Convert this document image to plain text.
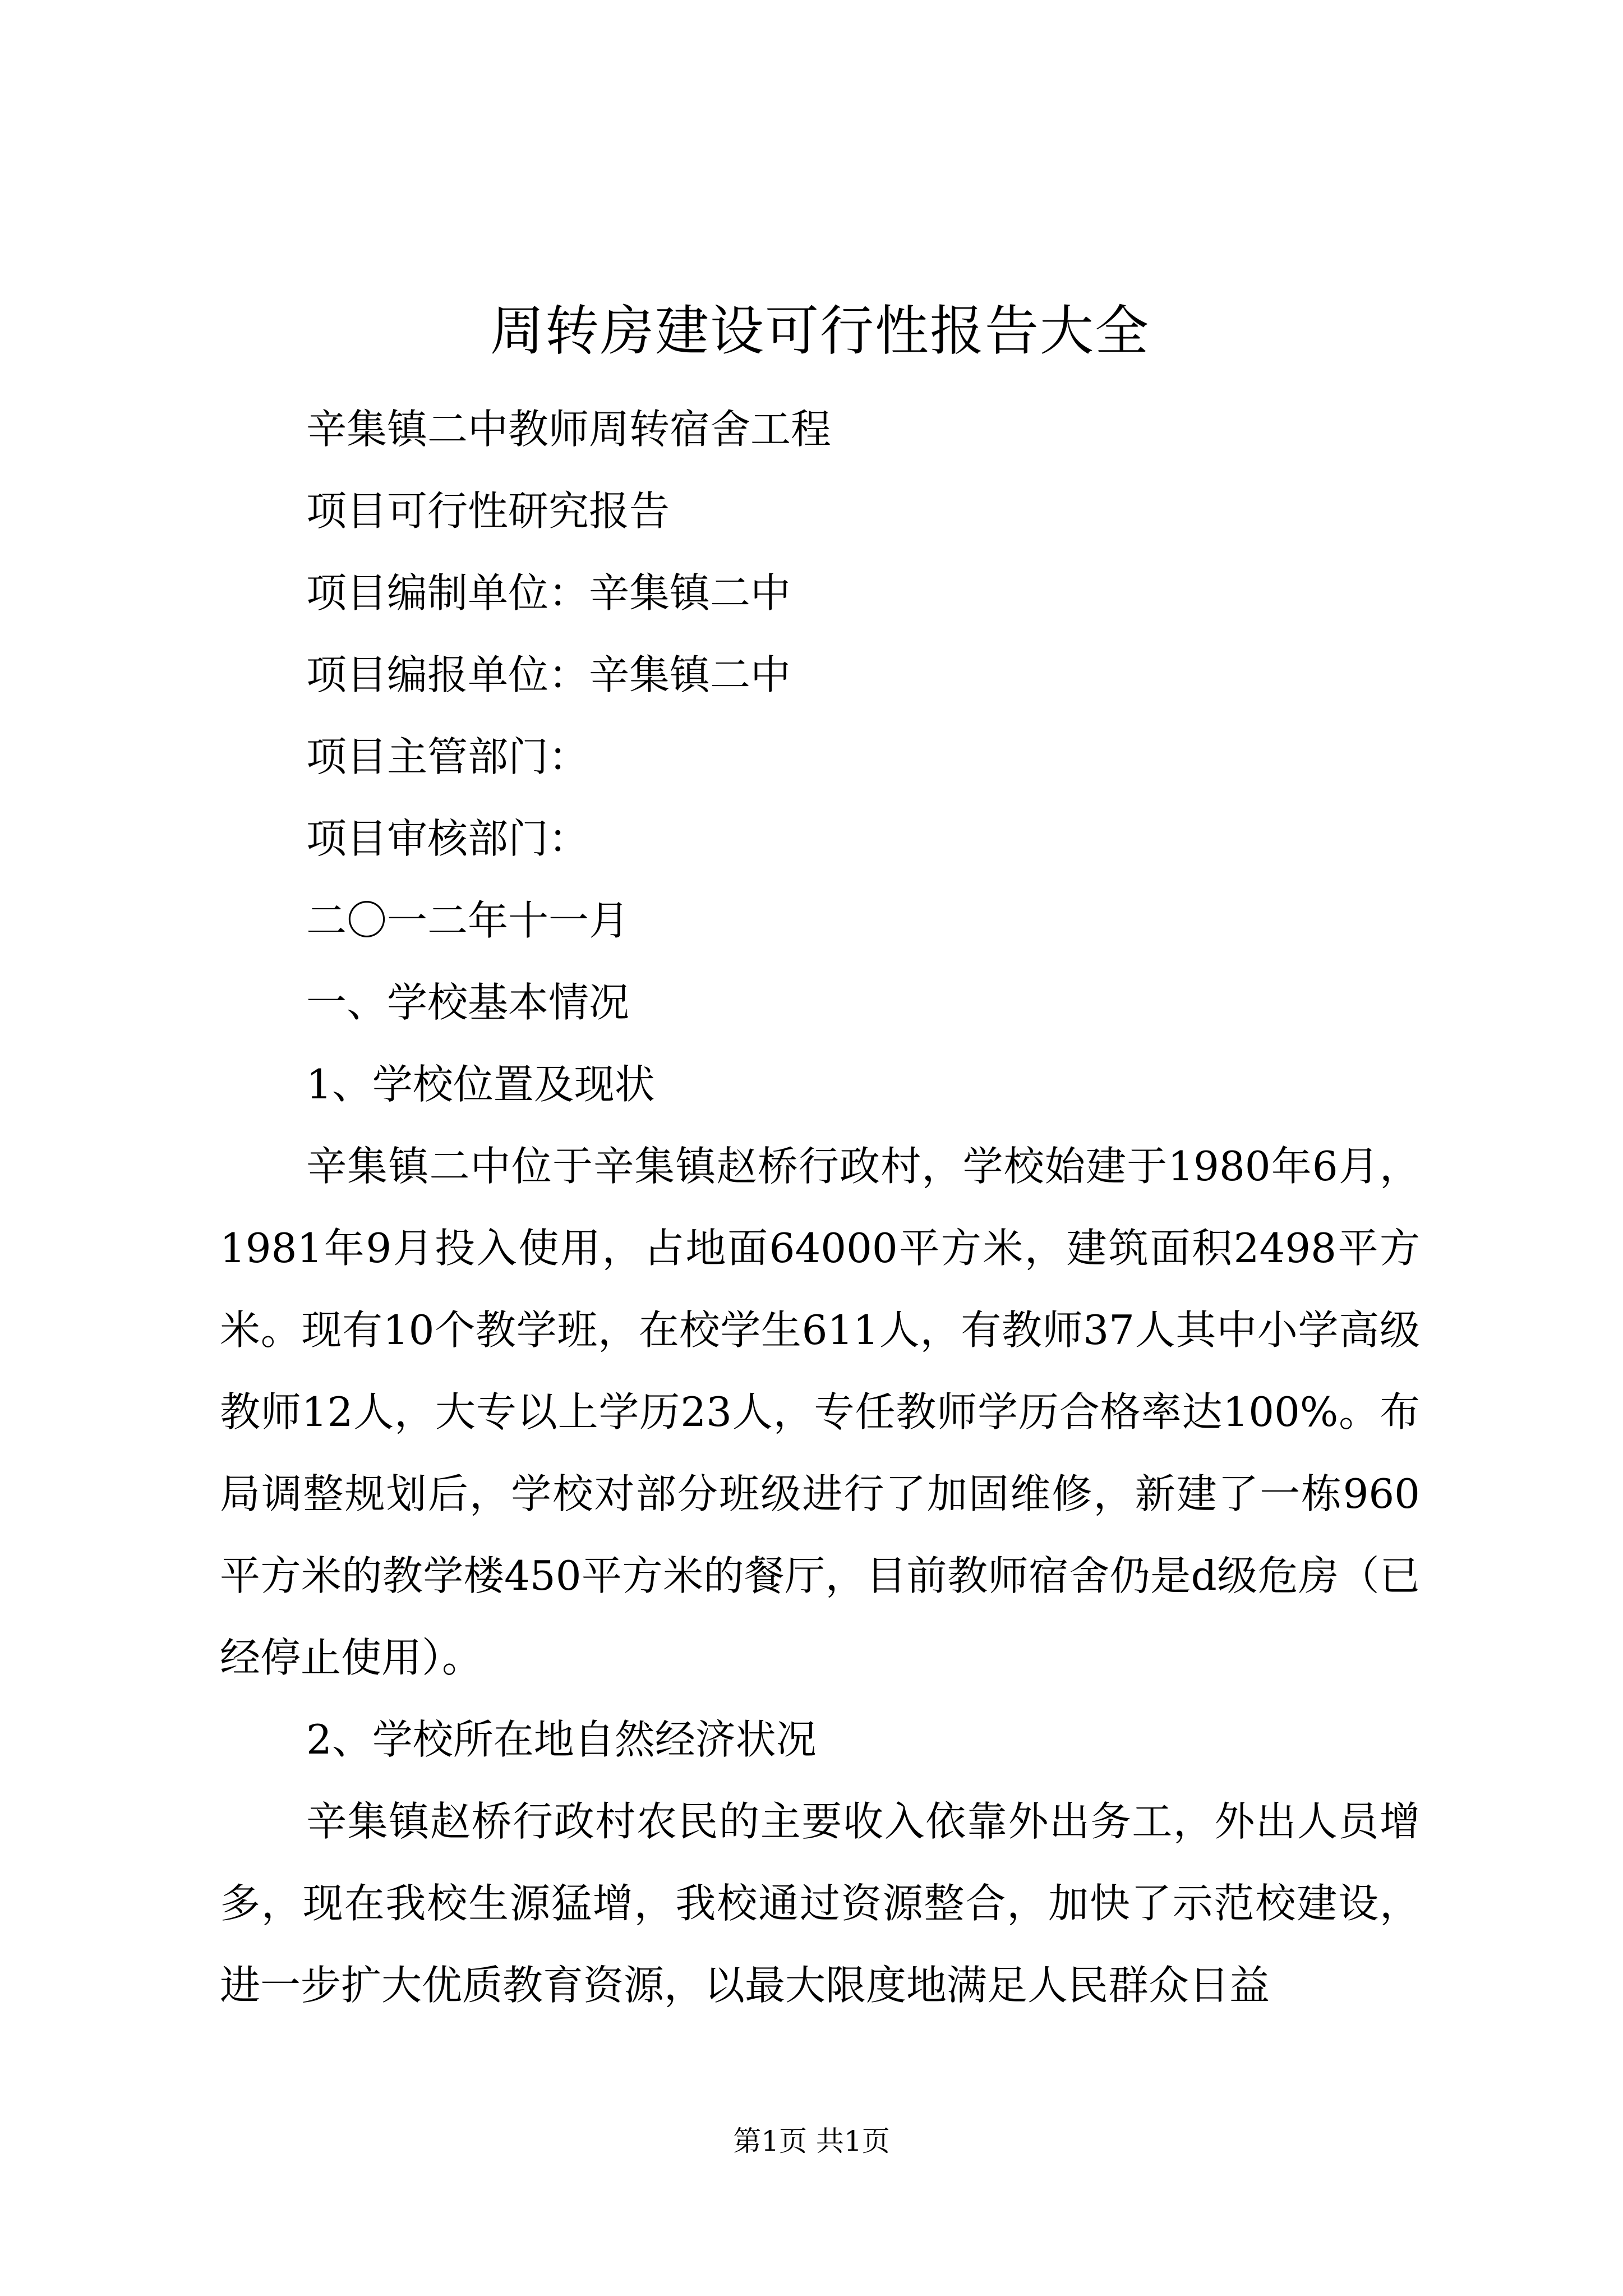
周转房建设可行性报告大全

辛集镇二中教师周转宿舍工程

项目可行性研究报告

项目编制单位：辛集镇二中

项目编报单位：辛集镇二中

项目主管部门：

项目审核部门：

二〇一二年十一月

一、学校基本情况

1、学校位置及现状

辛集镇二中位于辛集镇赵桥行政村，学校始建于1980年6月，1981年9月投入使用，占地面64000平方米，建筑面积2498平方米。现有10个教学班，在校学生611人，有教师37人其中小学高级教师12人，大专以上学历23人，专任教师学历合格率达100%。布局调整规划后，学校对部分班级进行了加固维修，新建了一栋960平方米的教学楼450平方米的餐厅，目前教师宿舍仍是d级危房（已经停止使用）。

2、学校所在地自然经济状况

辛集镇赵桥行政村农民的主要收入依靠外出务工，外出人员增多，现在我校生源猛增，我校通过资源整合，加快了示范校建设，进一步扩大优质教育资源，以最大限度地满足人民群众日益

第1页 共1页
